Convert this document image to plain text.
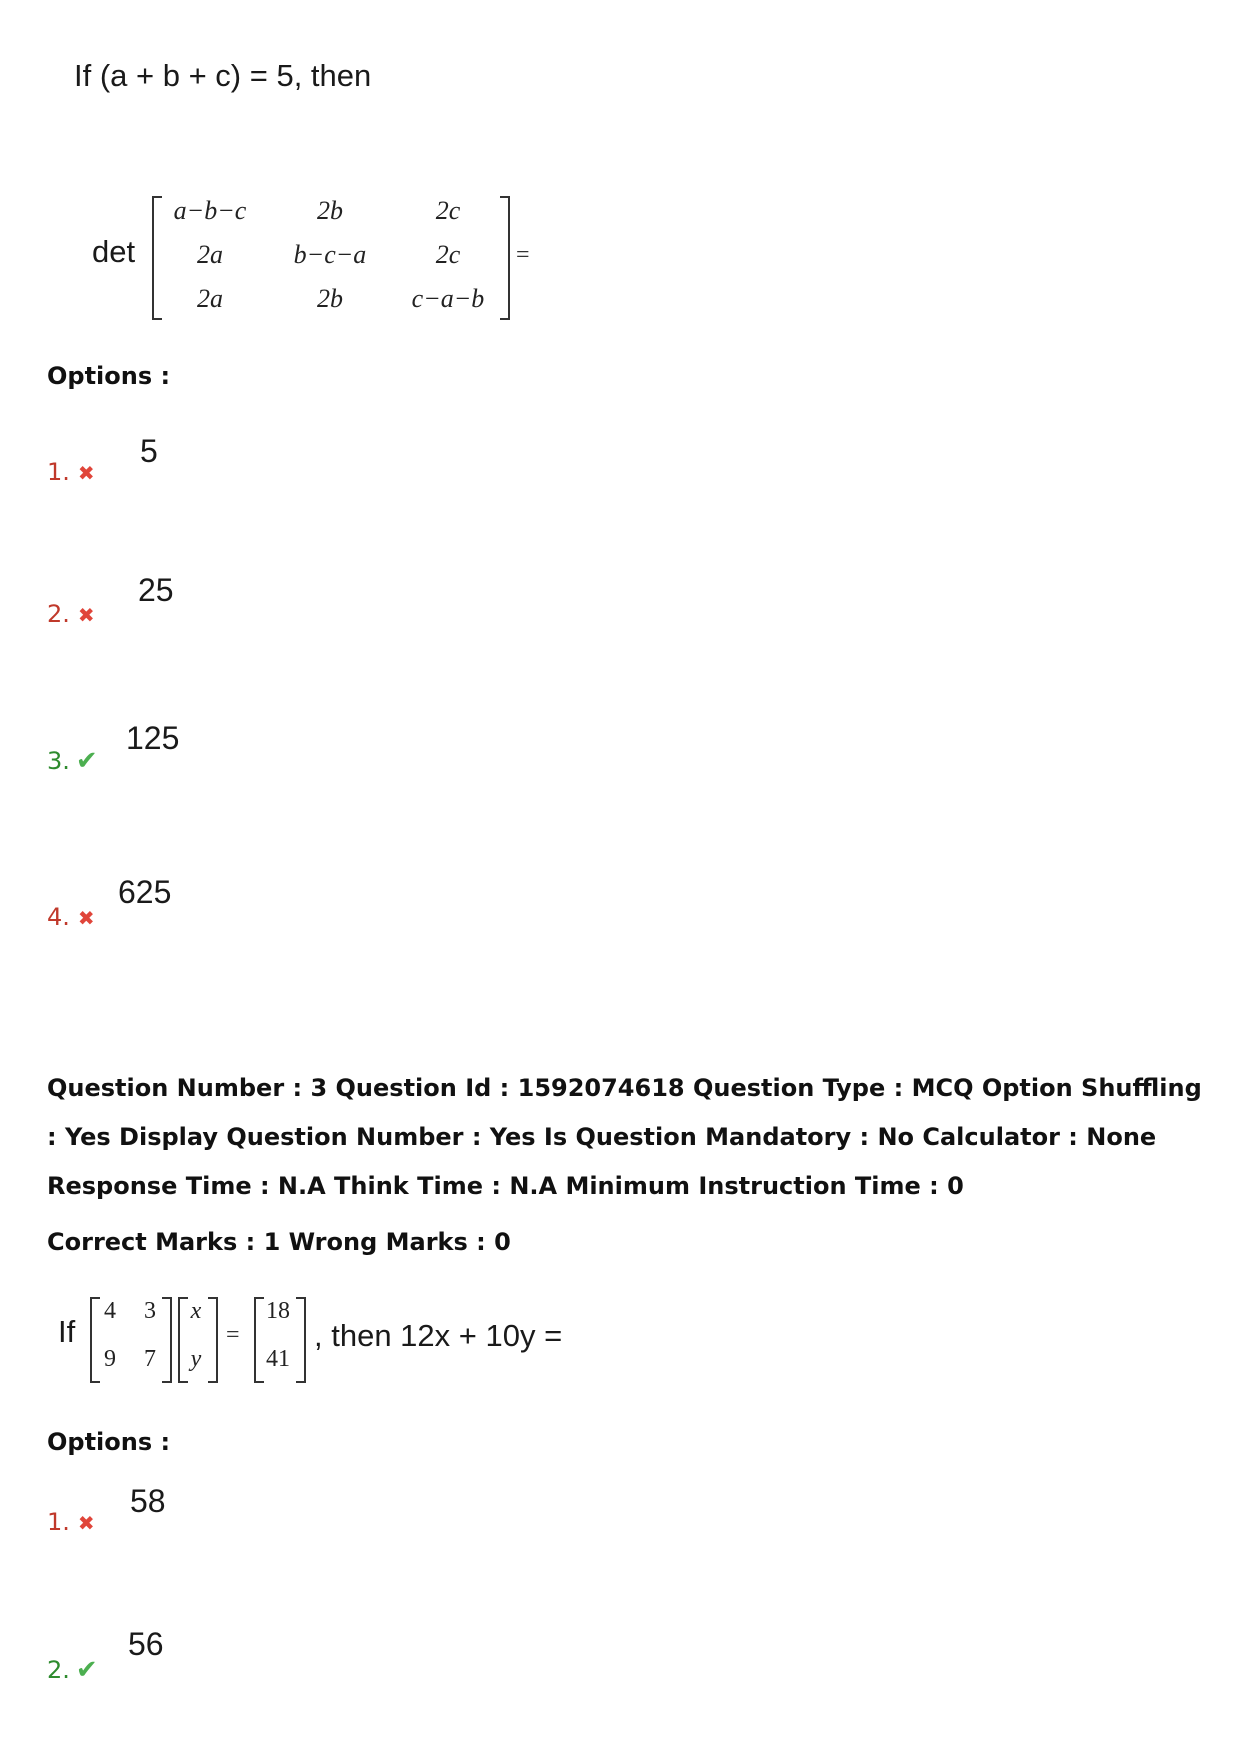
If (a + b + c) = 5, then
det
a−b−c	2b	2c
2a	b−c−a	2c
2a	2b	c−a−b
=
Options :
1. ✖
5
2. ✖
25
3. ✔
125
4. ✖
625
Question Number : 3 Question Id : 1592074618 Question Type : MCQ Option Shuffling : Yes Display Question Number : Yes Is Question Mandatory : No Calculator : None Response Time : N.A Think Time : N.A Minimum Instruction Time : 0
Correct Marks : 1 Wrong Marks : 0
If
4 3
9 7
x
y
=
18
41
, then 12x + 10y =
Options :
1. ✖
58
2. ✔
56
